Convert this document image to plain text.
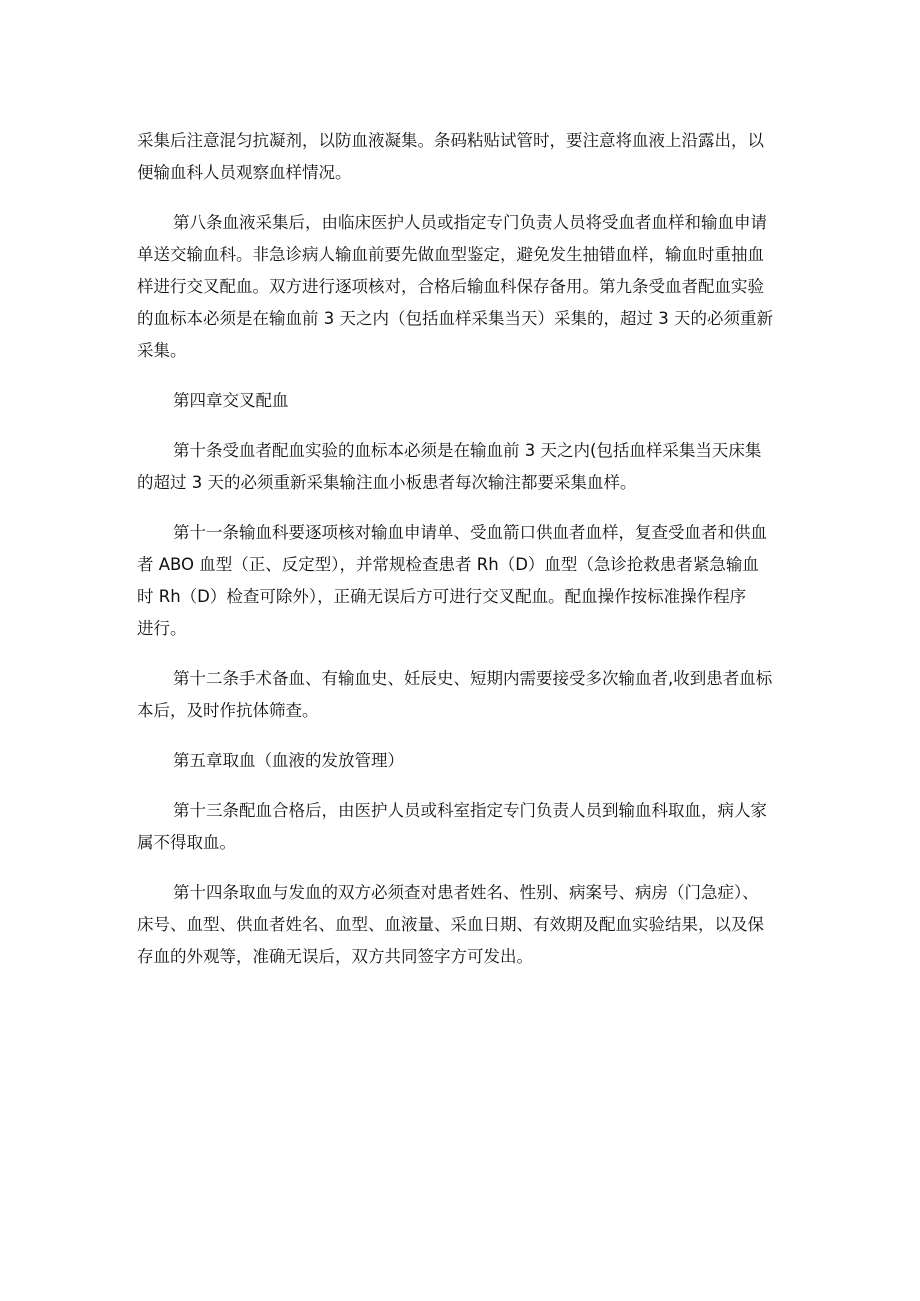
采集后注意混匀抗凝剂，以防血液凝集。条码粘贴试管时，要注意将血液上沿露出，以
便输血科人员观察血样情况。
第八条血液采集后，由临床医护人员或指定专门负责人员将受血者血样和输血申请
单送交输血科。非急诊病人输血前要先做血型鉴定，避免发生抽错血样，输血时重抽血
样进行交叉配血。双方进行逐项核对，合格后输血科保存备用。第九条受血者配血实验
的血标本必须是在输血前 3 天之内（包括血样采集当天）采集的，超过 3 天的必须重新
采集。
第四章交叉配血
第十条受血者配血实验的血标本必须是在输血前 3 天之内(包括血样采集当天床集
的超过 3 天的必须重新采集输注血小板患者每次输注都要采集血样。
第十一条输血科要逐项核对输血申请单、受血箭口供血者血样，复查受血者和供血
者 ABO 血型（正、反定型），并常规检查患者 Rh（D）血型（急诊抢救患者紧急输血
时 Rh（D）检查可除外），正确无误后方可进行交叉配血。配血操作按标准操作程序
进行。
第十二条手术备血、有输血史、妊辰史、短期内需要接受多次输血者,收到患者血标
本后，及时作抗体筛查。
第五章取血（血液的发放管理）
第十三条配血合格后，由医护人员或科室指定专门负责人员到输血科取血，病人家
属不得取血。
第十四条取血与发血的双方必须查对患者姓名、性别、病案号、病房（门急症）、
床号、血型、供血者姓名、血型、血液量、采血日期、有效期及配血实验结果，以及保
存血的外观等，准确无误后，双方共同签字方可发出。
